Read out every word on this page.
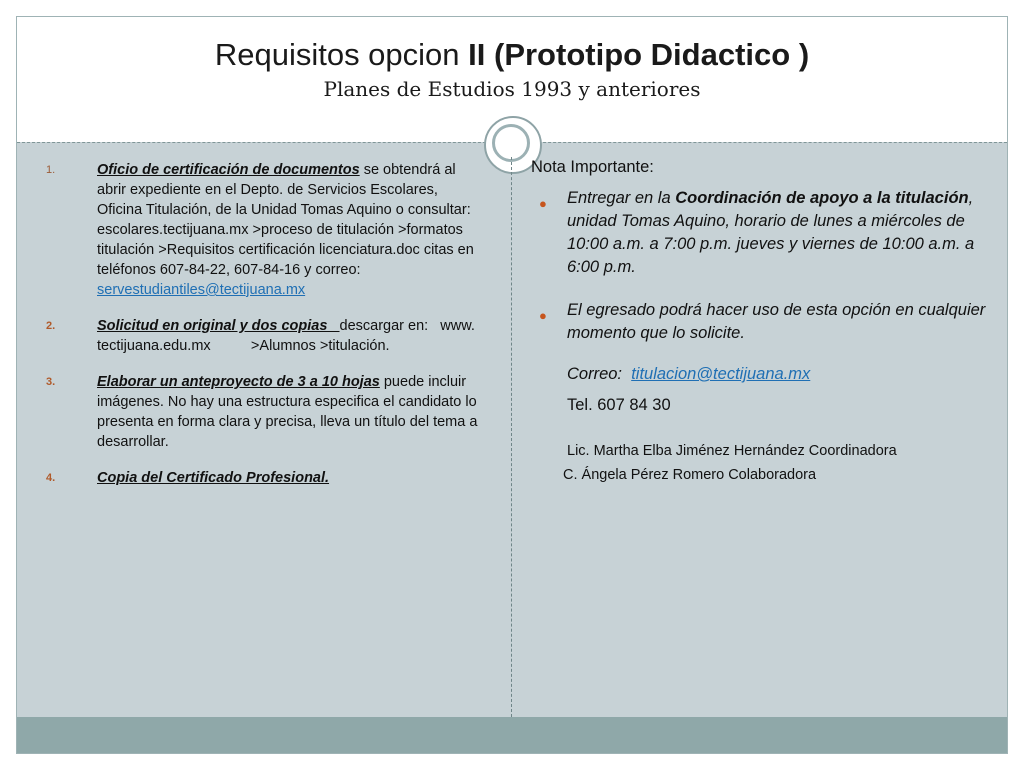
Requisitos opcion II (Prototipo Didactico )
Planes de Estudios 1993 y anteriores
1.	Oficio de certificación de documentos se obtendrá al abrir expediente en el Depto. de Servicios Escolares, Oficina Titulación, de la Unidad Tomas Aquino o consultar: escolares.tectijuana.mx >proceso de titulación >formatos titulación >Requisitos certificación licenciatura.doc citas en teléfonos 607-84-22, 607-84-16 y correo: servestudiantiles@tectijuana.mx
2.	Solicitud en original y dos copias   descargar en:   www. tectijuana.edu.mx          >Alumnos >titulación.
3.	Elaborar un anteproyecto de 3 a 10 hojas puede incluir imágenes. No hay una estructura especifica el candidato lo presenta en forma clara y precisa, lleva un título del tema a desarrollar.
4.	Copia del Certificado Profesional.
Nota Importante:
● Entregar en la Coordinación de apoyo a la titulación, unidad Tomas Aquino, horario de lunes a miércoles de 10:00 a.m. a 7:00 p.m. jueves y viernes de 10:00 a.m. a 6:00 p.m.
● El egresado podrá hacer uso de esta opción en cualquier momento que lo solicite.
Correo:  titulacion@tectijuana.mx
Tel. 607 84 30
Lic. Martha Elba Jiménez Hernández Coordinadora
C. Ángela Pérez Romero Colaboradora
